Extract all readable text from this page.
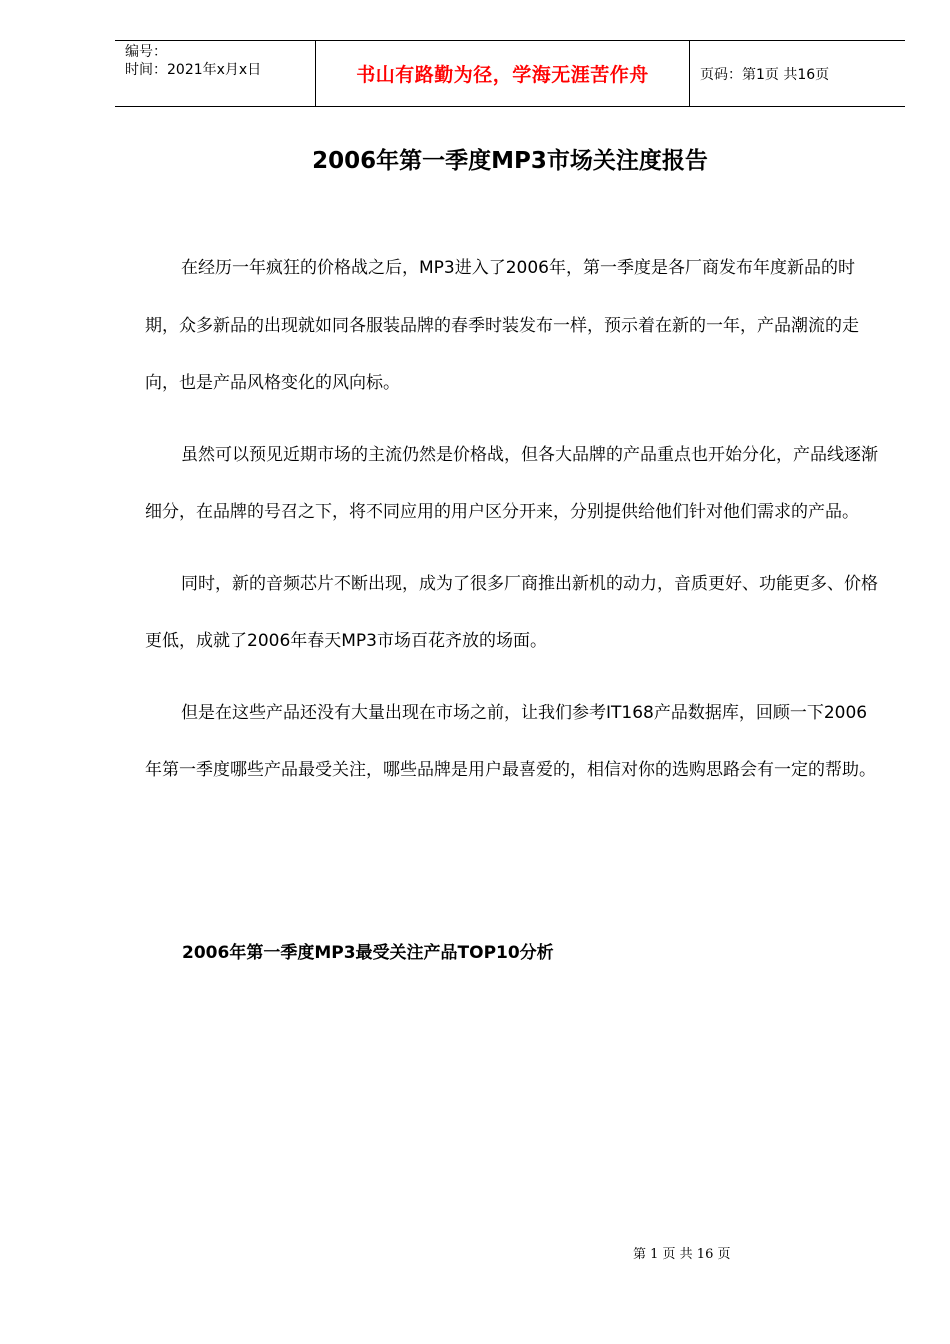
编号：
时间：2021年x月x日	书山有路勤为径，学海无涯苦作舟	页码：第1页 共16页
2006年第一季度MP3市场关注度报告

在经历一年疯狂的价格战之后，MP3进入了2006年，第一季度是各厂商发布年度新品的时期，众多新品的出现就如同各服装品牌的春季时装发布一样，预示着在新的一年，产品潮流的走向，也是产品风格变化的风向标。

虽然可以预见近期市场的主流仍然是价格战，但各大品牌的产品重点也开始分化，产品线逐渐细分，在品牌的号召之下，将不同应用的用户区分开来，分别提供给他们针对他们需求的产品。

同时，新的音频芯片不断出现，成为了很多厂商推出新机的动力，音质更好、功能更多、价格更低，成就了2006年春天MP3市场百花齐放的场面。

但是在这些产品还没有大量出现在市场之前，让我们参考IT168产品数据库，回顾一下2006年第一季度哪些产品最受关注，哪些品牌是用户最喜爱的，相信对你的选购思路会有一定的帮助。

2006年第一季度MP3最受关注产品TOP10分析
第 1 页 共 16 页
